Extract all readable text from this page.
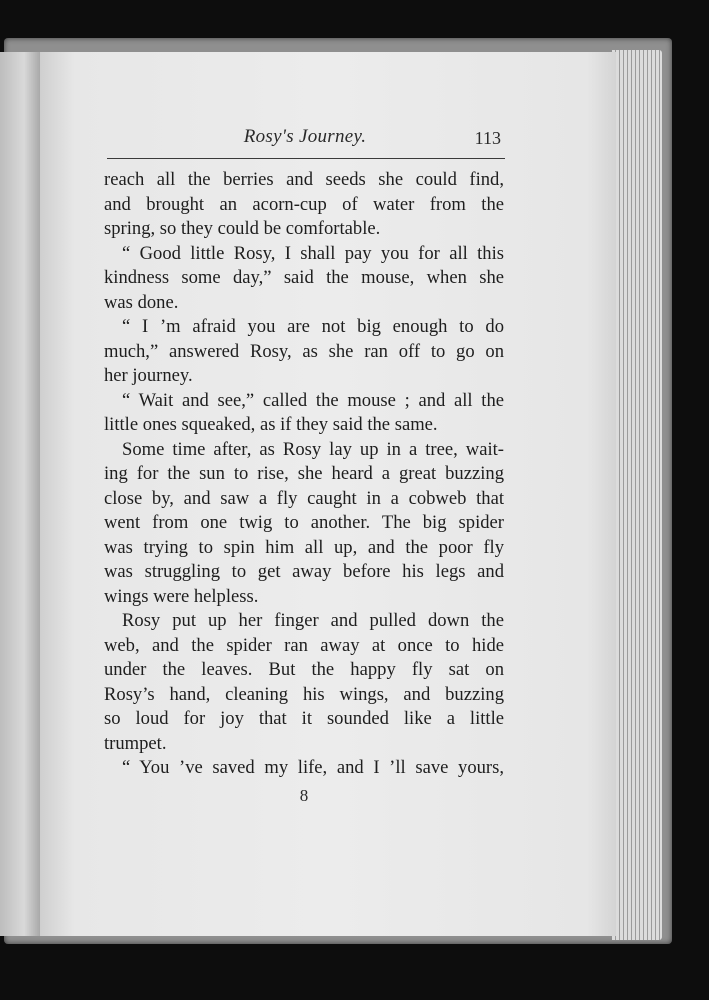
Rosy's Journey.	113
reach all the berries and seeds she could find,
and brought an acorn-cup of water from the
spring, so they could be comfortable.
“ Good little Rosy, I shall pay you for all this
kindness some day,” said the mouse, when she
was done.
“ I ’m afraid you are not big enough to do
much,” answered Rosy, as she ran off to go on
her journey.
“ Wait and see,” called the mouse ; and all the
little ones squeaked, as if they said the same.
Some time after, as Rosy lay up in a tree, wait-
ing for the sun to rise, she heard a great buzzing
close by, and saw a fly caught in a cobweb that
went from one twig to another. The big spider
was trying to spin him all up, and the poor fly
was struggling to get away before his legs and
wings were helpless.
Rosy put up her finger and pulled down the
web, and the spider ran away at once to hide
under the leaves. But the happy fly sat on
Rosy’s hand, cleaning his wings, and buzzing
so loud for joy that it sounded like a little
trumpet.
“ You ’ve saved my life, and I ’ll save yours,
8
